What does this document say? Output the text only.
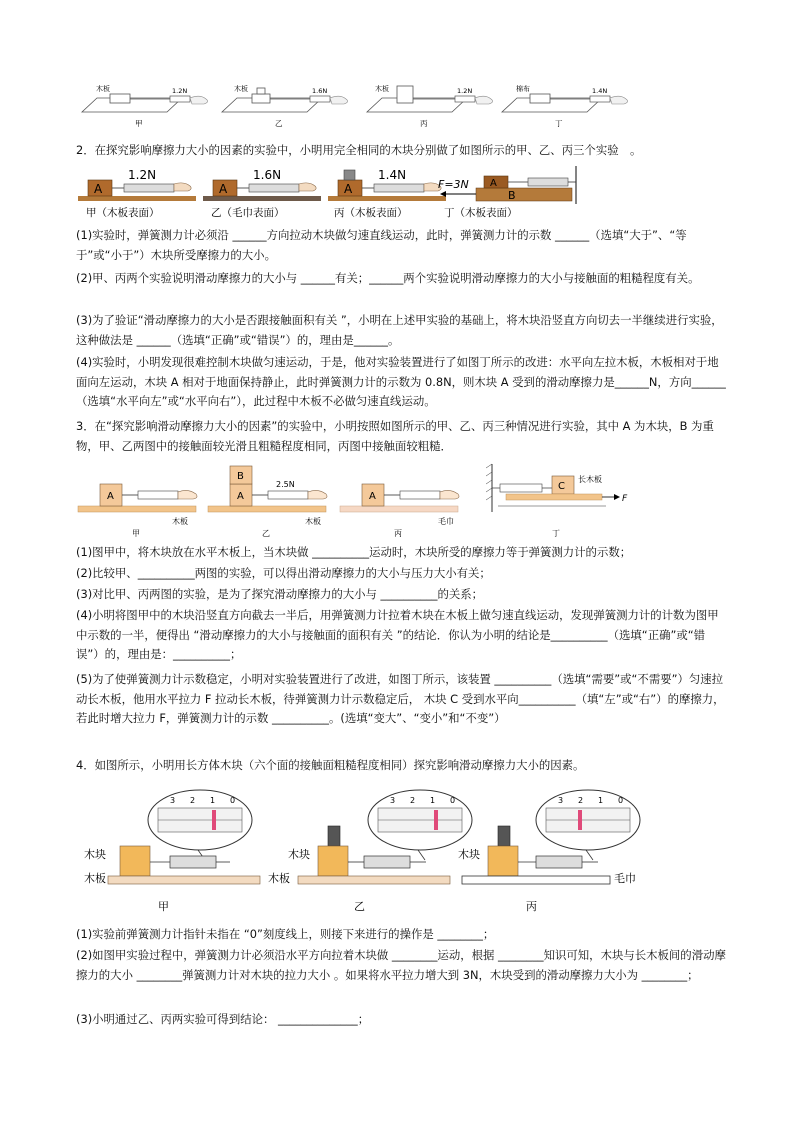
木板	1.2N	木板	1.6N	木板	1.2N	棉布	1.4N
甲	乙	丙	丁
2．在探究影响摩擦力大小的因素的实验中，小明用完全相同的木块分别做了如图所示的甲、乙、丙三个实验　。
A
1.2N
A
1.6N
A
1.4N
A
B
F=3N
甲（木板表面）	乙（毛巾表面）	丙（木板表面）	丁（木板表面）
(1)实验时，弹簧测力计必须沿 ______方向拉动木块做匀速直线运动，此时，弹簧测力计的示数 ______（选填“大于”、“等于”或“小于”）木块所受摩擦力的大小。
(2)甲、丙两个实验说明滑动摩擦力的大小与 ______有关；______两个实验说明滑动摩擦力的大小与接触面的粗糙程度有关。
(3)为了验证“滑动摩擦力的大小是否跟接触面积有关 ”，小明在上述甲实验的基础上，将木块沿竖直方向切去一半继续进行实验，这种做法是 ______（选填“正确”或“错误”）的，理由是______。
(4)实验时，小明发现很难控制木块做匀速运动，于是，他对实验装置进行了如图丁所示的改进：水平向左拉木板，木板相对于地面向左运动，木块 A 相对于地面保持静止，此时弹簧测力计的示数为 0.8N，则木块 A 受到的滑动摩擦力是______N，方向______（选填“水平向左”或“水平向右”），此过程中木板不必做匀速直线运动。
3．在“探究影响滑动摩擦力大小的因素”的实验中，小明按照如图所示的甲、乙、丙三种情况进行实验，其中 A 为木块，B 为重物，甲、乙两图中的接触面较光滑且粗糙程度相同，丙图中接触面较粗糙．
A	A
B
2.5N
A
C
F
木板	木板	毛巾
长木板
甲	乙	丙	丁
(1)图甲中，将木块放在水平木板上，当木块做 __________运动时，木块所受的摩擦力等于弹簧测力计的示数；
(2)比较甲、__________两图的实验，可以得出滑动摩擦力的大小与压力大小有关；
(3)对比甲、丙两图的实验，是为了探究滑动摩擦力的大小与 __________的关系；
(4)小明将图甲中的木块沿竖直方向截去一半后，用弹簧测力计拉着木块在木板上做匀速直线运动，发现弹簧测力计的计数为图甲中示数的一半，便得出 “滑动摩擦力的大小与接触面的面积有关 ”的结论．你认为小明的结论是__________（选填“正确”或“错误”）的，理由是：__________；
(5)为了使弹簧测力计示数稳定，小明对实验装置进行了改进，如图丁所示，该装置 __________（选填“需要”或“不需要”）匀速拉动长木板，他用水平拉力 F 拉动长木板，待弹簧测力计示数稳定后， 木块 C 受到水平向__________（填“左”或“右”）的摩擦力，若此时增大拉力 F，弹簧测力计的示数 __________。(选填“变大”、“变小”和“不变”）
4．如图所示，小明用长方体木块（六个面的接触面粗糙程度相同）探究影响滑动摩擦力大小的因素。
3 2 1 0
木块
木板
甲
3 2 1 0
木块
木板
乙
3 2 1 0
木块
毛巾
丙
(1)实验前弹簧测力计指针未指在 “0”刻度线上，则接下来进行的操作是 ________；
(2)如图甲实验过程中，弹簧测力计必须沿水平方向拉着木块做 ________运动，根据 ________知识可知，木块与长木板间的滑动摩擦力的大小 ________弹簧测力计对木块的拉力大小 。如果将水平拉力增大到 3N，木块受到的滑动摩擦力大小为 ________；
(3)小明通过乙、丙两实验可得到结论： ______________；
